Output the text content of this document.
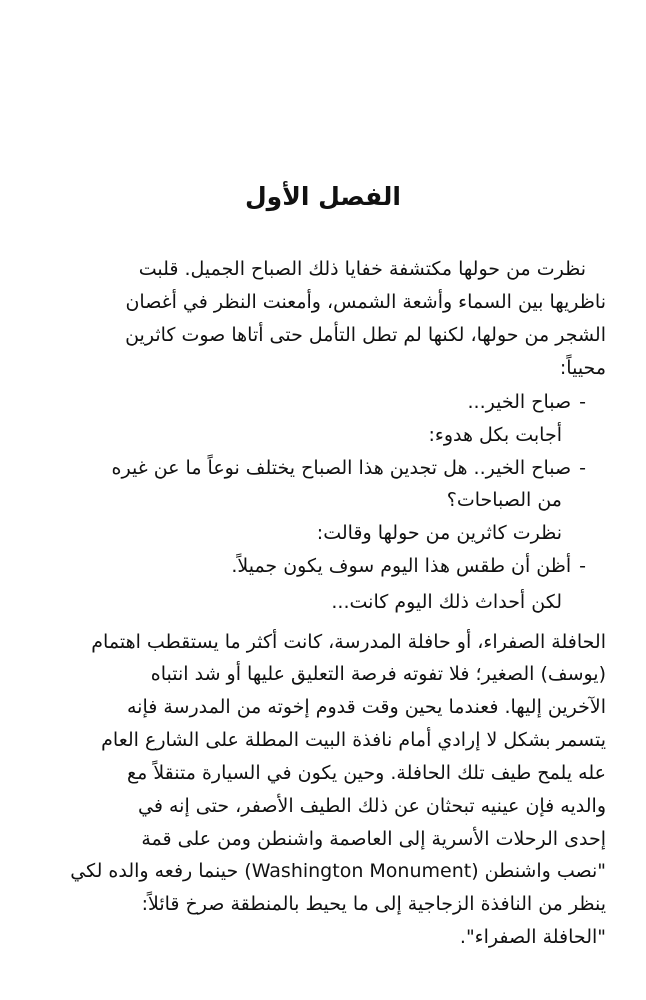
الفصل الأول

نظرت من حولها مكتشفة خفايا ذلك الصباح الجميل. قلبت

ناظريها بين السماء وأشعة الشمس، وأمعنت النظر في أغصان

الشجر من حولها، لكنها لم تطل التأمل حتى أتاها صوت كاثرين

محيياً:

-صباح الخير...

أجابت بكل هدوء:

-صباح الخير.. هل تجدين هذا الصباح يختلف نوعاً ما عن غيره

من الصباحات؟

نظرت كاثرين من حولها وقالت:

-أظن أن طقس هذا اليوم سوف يكون جميلاً.

لكن أحداث ذلك اليوم كانت...

الحافلة الصفراء، أو حافلة المدرسة، كانت أكثر ما يستقطب اهتمام

(يوسف) الصغير؛ فلا تفوته فرصة التعليق عليها أو شد انتباه

الآخرين إليها. فعندما يحين وقت قدوم إخوته من المدرسة فإنه

يتسمر بشكل لا إرادي أمام نافذة البيت المطلة على الشارع العام

عله يلمح طيف تلك الحافلة. وحين يكون في السيارة متنقلاً مع

والديه فإن عينيه تبحثان عن ذلك الطيف الأصفر، حتى إنه في

إحدى الرحلات الأسرية إلى العاصمة واشنطن ومن على قمة

"نصب واشنطن (Washington Monument) حينما رفعه والده لكي

ينظر من النافذة الزجاجية إلى ما يحيط بالمنطقة صرخ قائلاً:

"الحافلة الصفراء".
